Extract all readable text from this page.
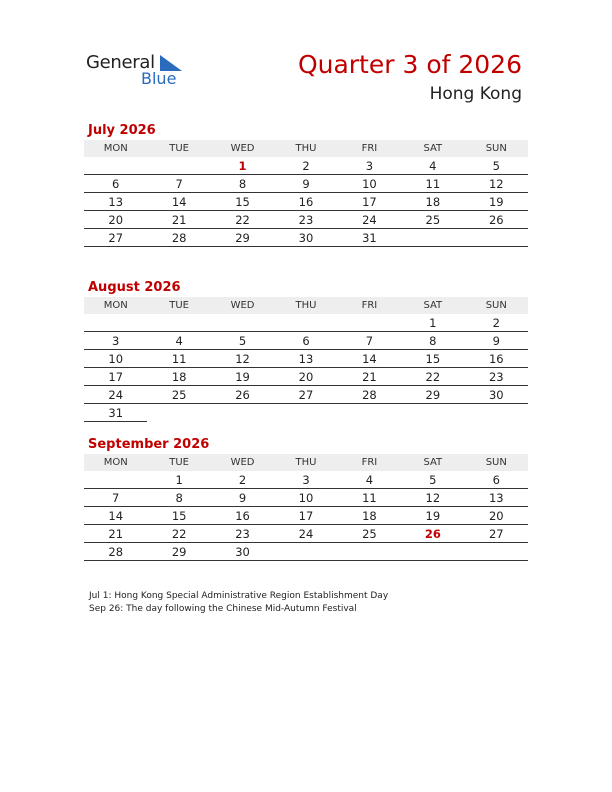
General
Blue	Quarter 3 of 2026
Hong Kong
July 2026
MON	TUE	WED	THU	FRI	SAT	SUN
		1	2	3	4	5
6	7	8	9	10	11	12
13	14	15	16	17	18	19
20	21	22	23	24	25	26
27	28	29	30	31		
August 2026
MON	TUE	WED	THU	FRI	SAT	SUN
					1	2
3	4	5	6	7	8	9
10	11	12	13	14	15	16
17	18	19	20	21	22	23
24	25	26	27	28	29	30
31						
September 2026
MON	TUE	WED	THU	FRI	SAT	SUN
	1	2	3	4	5	6
7	8	9	10	11	12	13
14	15	16	17	18	19	20
21	22	23	24	25	26	27
28	29	30				
Jul 1: Hong Kong Special Administrative Region Establishment Day
Sep 26: The day following the Chinese Mid-Autumn Festival
